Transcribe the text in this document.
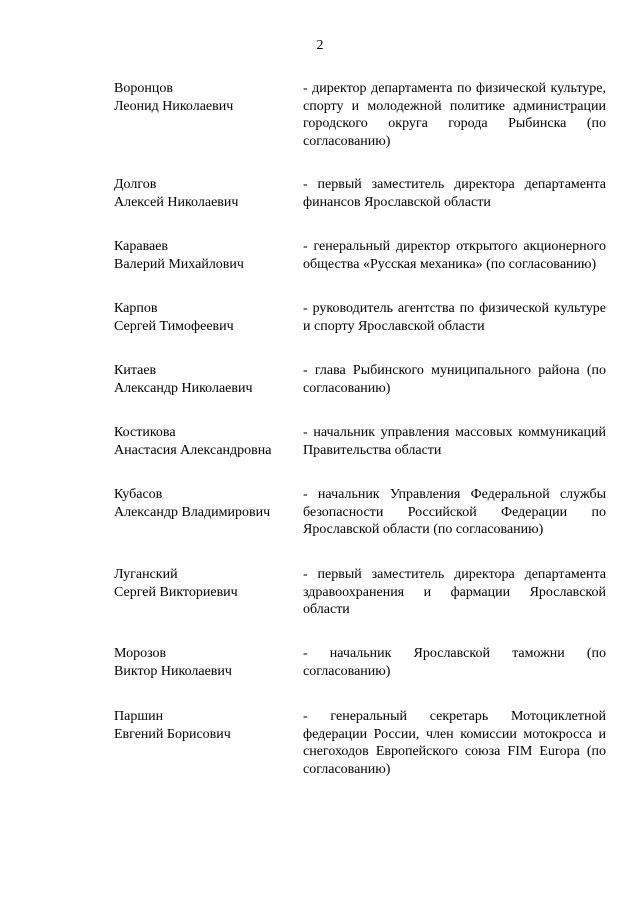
2
Воронцов
Леонид Николаевич
- директор департамента по физической культуре, спорту и молодежной политике администрации городского округа города Рыбинска (по согласованию)
Долгов
Алексей Николаевич
- первый заместитель директора департамента финансов Ярославской области
Караваев
Валерий Михайлович
- генеральный директор открытого акционерного общества «Русская механика» (по согласованию)
Карпов
Сергей Тимофеевич
- руководитель агентства по физической культуре и спорту Ярославской области
Китаев
Александр Николаевич
- глава Рыбинского муниципального района (по согласованию)
Костикова
Анастасия Александровна
- начальник управления массовых коммуникаций Правительства области
Кубасов
Александр Владимирович
- начальник Управления Федеральной службы безопасности Российской Федерации по Ярославской области (по согласованию)
Луганский
Сергей Викториевич
- первый заместитель директора департамента здравоохранения и фармации Ярославской области
Морозов
Виктор Николаевич
- начальник Ярославской таможни (по согласованию)
Паршин
Евгений Борисович
- генеральный секретарь Мотоциклетной федерации России, член комиссии мотокросса и снегоходов Европейского союза FIM Europa (по согласованию)
